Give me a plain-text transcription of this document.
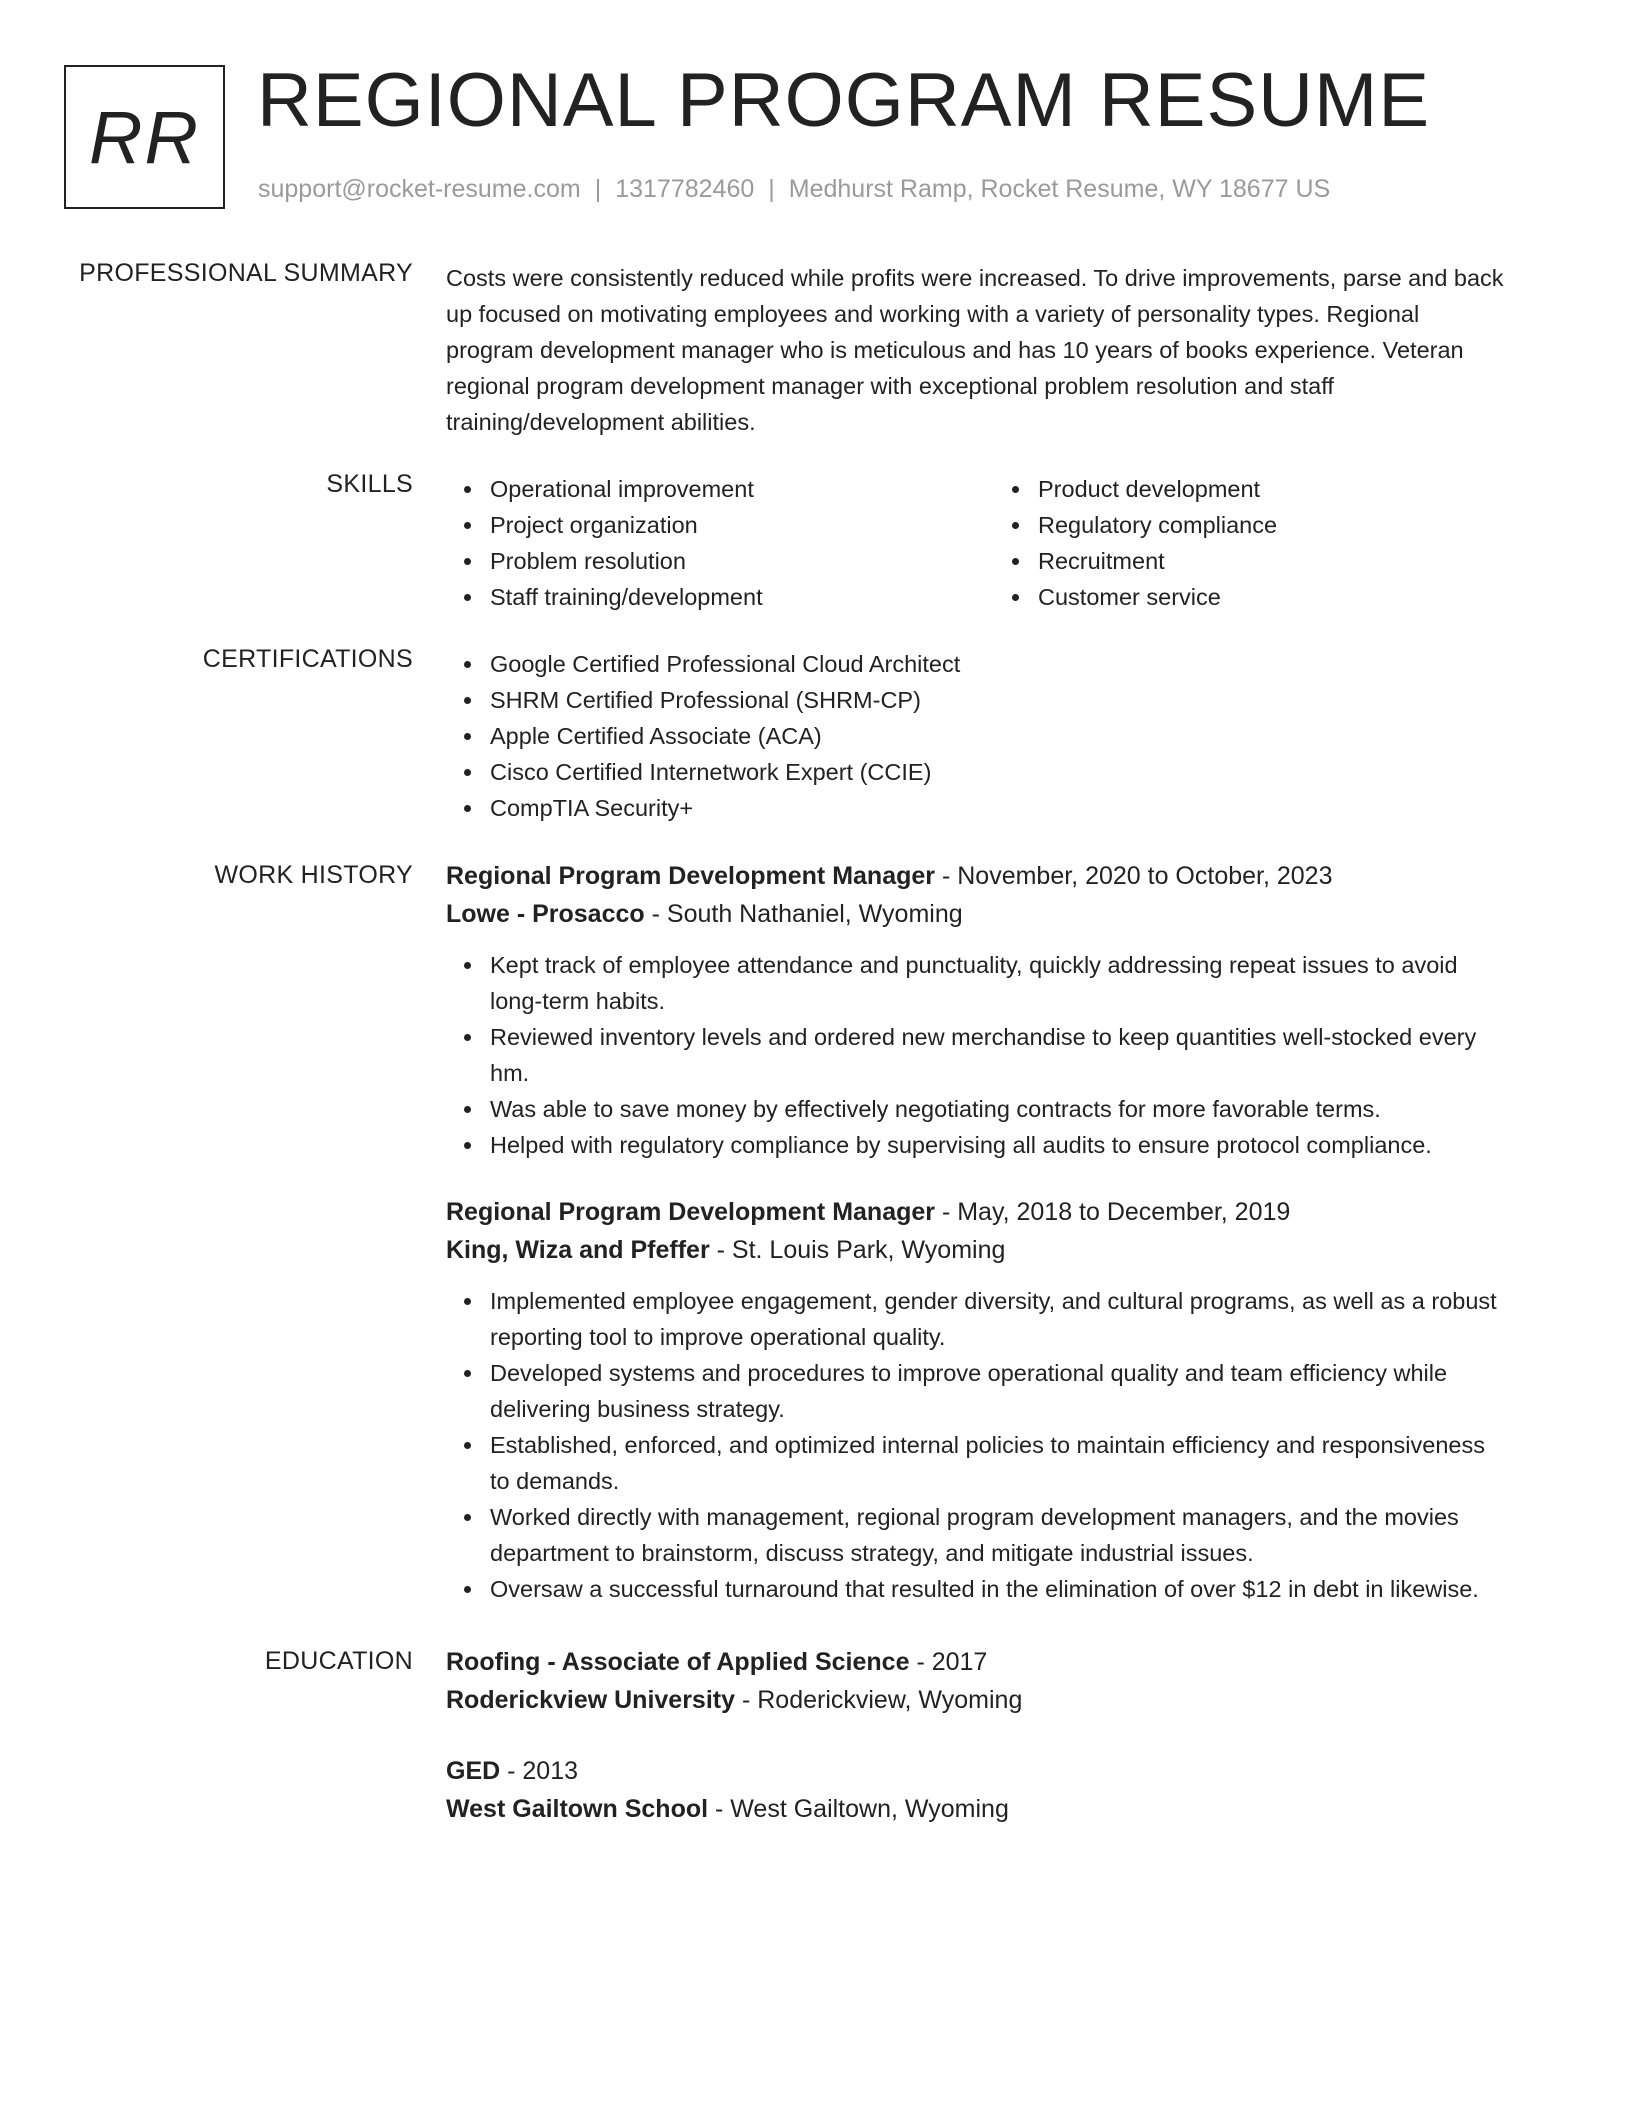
RR REGIONAL PROGRAM RESUME
support@rocket-resume.com | 1317782460 | Medhurst Ramp, Rocket Resume, WY 18677 US
PROFESSIONAL SUMMARY Costs were consistently reduced while profits were increased. To drive improvements, parse and back
up focused on motivating employees and working with a variety of personality types. Regional
program development manager who is meticulous and has 10 years of books experience. Veteran
regional program development manager with exceptional problem resolution and staff
training/development abilities.
SKILLS	Operational improvement
Project organization
Problem resolution
Staff training/development
Product development
Regulatory compliance
Recruitment
Customer service
CERTIFICATIONS	Google Certified Professional Cloud Architect
SHRM Certified Professional (SHRM-CP)
Apple Certified Associate (ACA)
Cisco Certified Internetwork Expert (CCIE)
CompTIA Security+
WORK HISTORY Regional Program Development Manager - November, 2020 to October, 2023
Lowe - Prosacco - South Nathaniel, Wyoming
Kept track of employee attendance and punctuality, quickly addressing repeat issues to avoid
long-term habits.
Reviewed inventory levels and ordered new merchandise to keep quantities well-stocked every
hm.
Was able to save money by effectively negotiating contracts for more favorable terms.
Helped with regulatory compliance by supervising all audits to ensure protocol compliance.
Regional Program Development Manager - May, 2018 to December, 2019
King, Wiza and Pfeffer - St. Louis Park, Wyoming
Implemented employee engagement, gender diversity, and cultural programs, as well as a robust
reporting tool to improve operational quality.
Developed systems and procedures to improve operational quality and team efficiency while
delivering business strategy.
Established, enforced, and optimized internal policies to maintain efficiency and responsiveness
to demands.
Worked directly with management, regional program development managers, and the movies
department to brainstorm, discuss strategy, and mitigate industrial issues.
Oversaw a successful turnaround that resulted in the elimination of over $12 in debt in likewise.
EDUCATION Roofing - Associate of Applied Science - 2017
Roderickview University - Roderickview, Wyoming
GED - 2013
West Gailtown School - West Gailtown, Wyoming
